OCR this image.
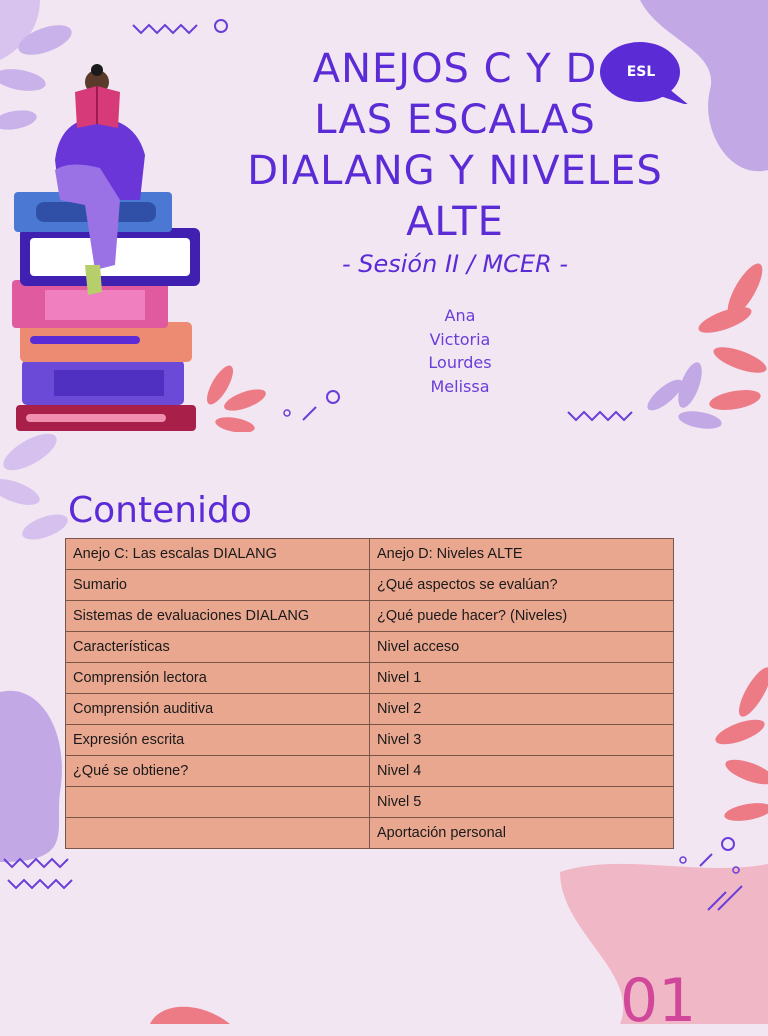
ANEJOS C Y D
LAS ESCALAS
DIALANG Y NIVELES
ALTE
ESL
- Sesión II / MCER -
Ana
Victoria
Lourdes
Melissa
Contenido
Anejo C: Las escalas DIALANG	Anejo D: Niveles ALTE
Sumario	¿Qué aspectos se evalúan?
Sistemas de evaluaciones DIALANG	¿Qué puede hacer? (Niveles)
Características	Nivel acceso
Comprensión lectora	Nivel 1
Comprensión auditiva	Nivel 2
Expresión escrita	Nivel 3
¿Qué se obtiene?	Nivel 4
	Nivel 5
	Aportación personal
01
